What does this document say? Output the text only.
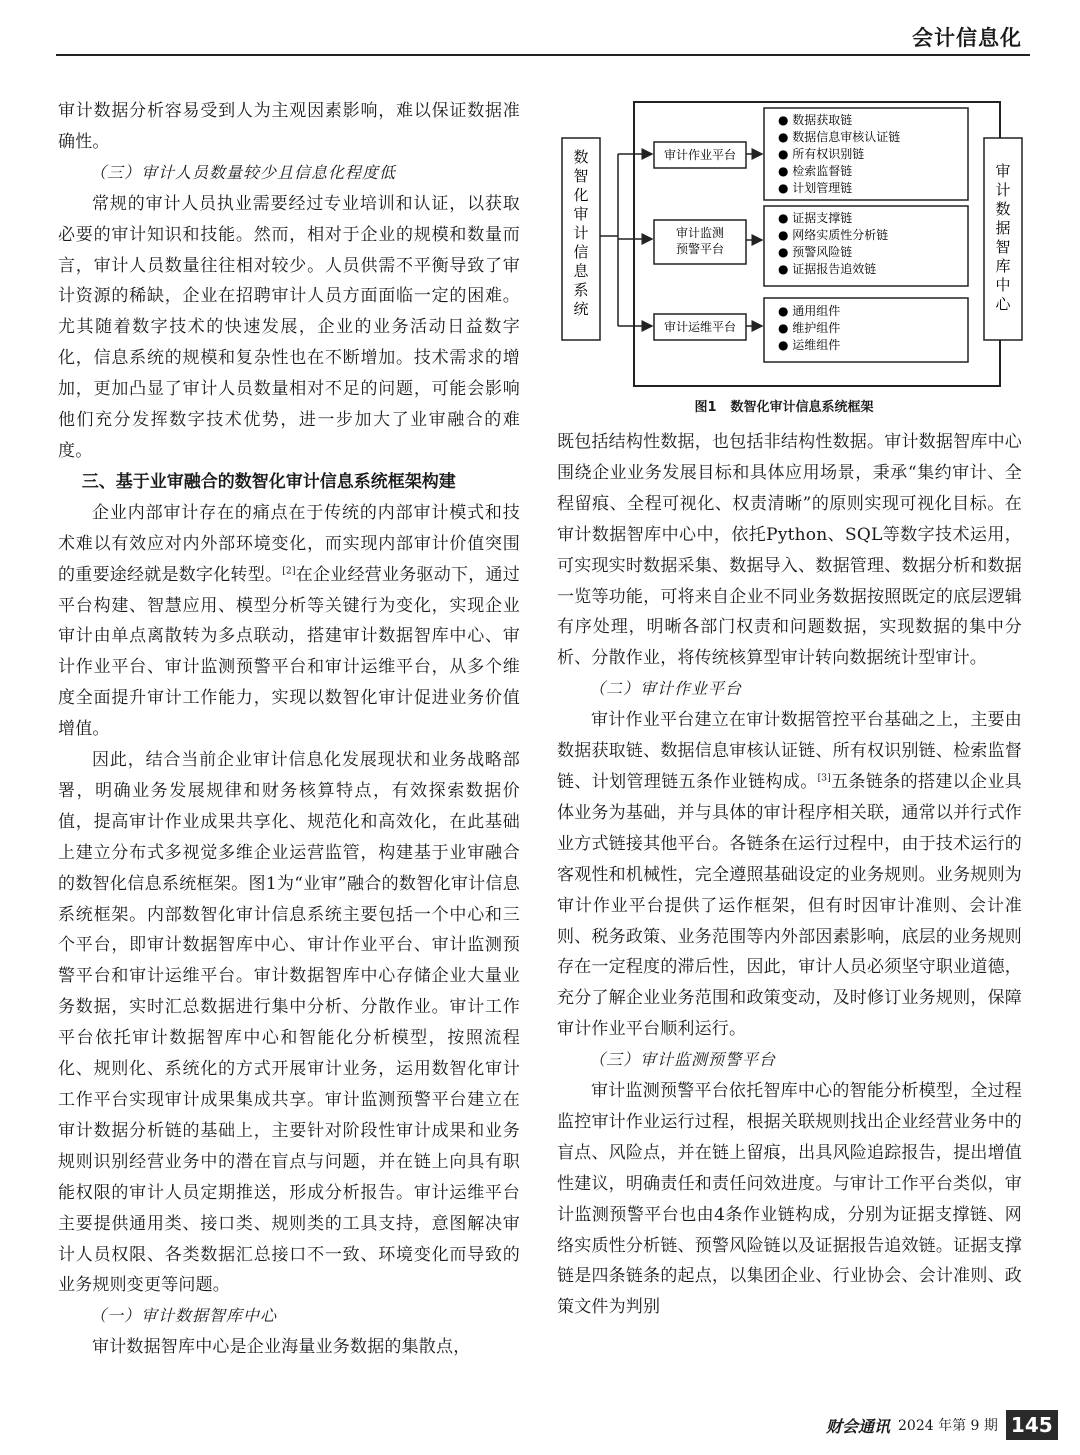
会计信息化

审计数据分析容易受到人为主观因素影响，难以保证数据准确性。

（三）审计人员数量较少且信息化程度低

常规的审计人员执业需要经过专业培训和认证，以获取必要的审计知识和技能。然而，相对于企业的规模和数量而言，审计人员数量往往相对较少。人员供需不平衡导致了审计资源的稀缺，企业在招聘审计人员方面面临一定的困难。尤其随着数字技术的快速发展，企业的业务活动日益数字化，信息系统的规模和复杂性也在不断增加。技术需求的增加，更加凸显了审计人员数量相对不足的问题，可能会影响他们充分发挥数字技术优势，进一步加大了业审融合的难度。

三、基于业审融合的数智化审计信息系统框架构建

企业内部审计存在的痛点在于传统的内部审计模式和技术难以有效应对内外部环境变化，而实现内部审计价值突围的重要途经就是数字化转型。[2]在企业经营业务驱动下，通过平台构建、智慧应用、模型分析等关键行为变化，实现企业审计由单点离散转为多点联动，搭建审计数据智库中心、审计作业平台、审计监测预警平台和审计运维平台，从多个维度全面提升审计工作能力，实现以数智化审计促进业务价值增值。

因此，结合当前企业审计信息化发展现状和业务战略部署，明确业务发展规律和财务核算特点，有效探索数据价值，提高审计作业成果共享化、规范化和高效化，在此基础上建立分布式多视觉多维企业运营监管，构建基于业审融合的数智化信息系统框架。图1为“业审”融合的数智化审计信息系统框架。内部数智化审计信息系统主要包括一个中心和三个平台，即审计数据智库中心、审计作业平台、审计监测预警平台和审计运维平台。审计数据智库中心存储企业大量业务数据，实时汇总数据进行集中分析、分散作业。审计工作平台依托审计数据智库中心和智能化分析模型，按照流程化、规则化、系统化的方式开展审计业务，运用数智化审计工作平台实现审计成果集成共享。审计监测预警平台建立在审计数据分析链的基础上，主要针对阶段性审计成果和业务规则识别经营业务中的潜在盲点与问题，并在链上向具有职能权限的审计人员定期推送，形成分析报告。审计运维平台主要提供通用类、接口类、规则类的工具支持，意图解决审计人员权限、各类数据汇总接口不一致、环境变化而导致的业务规则变更等问题。

（一）审计数据智库中心

审计数据智库中心是企业海量业务数据的集散点，

数智化审计信息系统
审计数据智库中心
审计作业平台
审计监测预警平台
审计运维平台
● 数据获取链
● 数据信息审核认证链
● 所有权识别链
● 检索监督链
● 计划管理链
● 证据支撑链
● 网络实质性分析链
● 预警风险链
● 证据报告追效链
● 通用组件
● 维护组件
● 运维组件
图1 数智化审计信息系统框架

既包括结构性数据，也包括非结构性数据。审计数据智库中心围绕企业业务发展目标和具体应用场景，秉承“集约审计、全程留痕、全程可视化、权责清晰”的原则实现可视化目标。在审计数据智库中心中，依托Python、SQL等数字技术运用，可实现实时数据采集、数据导入、数据管理、数据分析和数据一览等功能，可将来自企业不同业务数据按照既定的底层逻辑有序处理，明晰各部门权责和问题数据，实现数据的集中分析、分散作业，将传统核算型审计转向数据统计型审计。

（二）审计作业平台

审计作业平台建立在审计数据管控平台基础之上，主要由数据获取链、数据信息审核认证链、所有权识别链、检索监督链、计划管理链五条作业链构成。[3]五条链条的搭建以企业具体业务为基础，并与具体的审计程序相关联，通常以并行式作业方式链接其他平台。各链条在运行过程中，由于技术运行的客观性和机械性，完全遵照基础设定的业务规则。业务规则为审计作业平台提供了运作框架，但有时因审计准则、会计准则、税务政策、业务范围等内外部因素影响，底层的业务规则存在一定程度的滞后性，因此，审计人员必须坚守职业道德，充分了解企业业务范围和政策变动，及时修订业务规则，保障审计作业平台顺利运行。

（三）审计监测预警平台

审计监测预警平台依托智库中心的智能分析模型，全过程监控审计作业运行过程，根据关联规则找出企业经营业务中的盲点、风险点，并在链上留痕，出具风险追踪报告，提出增值性建议，明确责任和责任问效进度。与审计工作平台类似，审计监测预警平台也由4条作业链构成，分别为证据支撑链、网络实质性分析链、预警风险链以及证据报告追效链。证据支撑链是四条链条的起点，以集团企业、行业协会、会计准则、政策文件为判别

财会通讯 2024 年第 9 期 145
